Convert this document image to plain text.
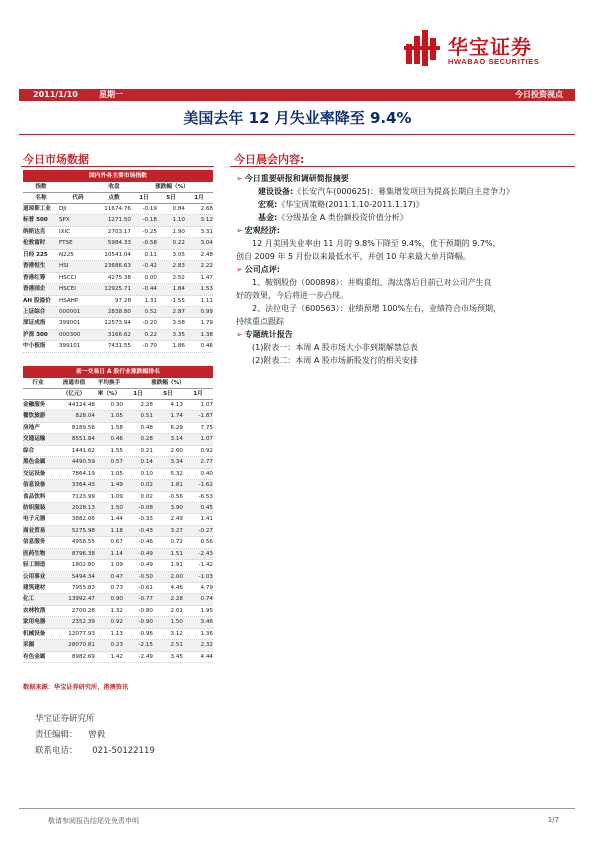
华宝证券
HWABAO SECURITIES
2011/1/10	星期一	今日投资视点
美国去年 12 月失业率降至 9.4%
今日市场数据	今日晨会内容:
国内外各主要市场指数
指数	收盘	涨跌幅（%）
名称	代码	点数	1日	5日	1月
道琼斯工业	DJI	11674.76	-0.19	0.84	2.68
标普 500	SPX	1271.50	-0.18	1.10	3.12
纳斯达克	IXIC	2703.17	-0.25	1.90	3.31
伦敦富时	FTSE	5984.33	-0.58	0.22	3.04
日经 225	N225	10541.04	0.11	3.05	2.48
香港恒生	HSI	23686.63	-0.42	2.83	2.22
香港红筹	HSCCI	4275.38	0.00	2.52	1.47
香港国企	HSCEI	12925.71	-0.44	1.84	1.53
AH 股溢价	HSAHP	97.28	1.31	-1.55	1.11
上证综合	000001	2838.80	0.52	2.87	0.99
深证成指	399001	12573.94	-0.20	3.58	1.79
沪深 300	000300	3166.62	0.22	3.35	1.38
中小板指	399101	7431.55	-0.70	1.86	0.46
前一交易日 A 股行业涨跌幅排名
行业	流通市值	平均换手	涨跌幅（%）
（亿元）	率（%）	1日	5日	1月
金融服务	44124.48	0.30	2.28	4.13	1.07
餐饮旅游	828.04	1.05	0.51	1.74	-1.87
房地产	8189.56	1.58	0.48	6.29	7.75
交通运输	8551.84	0.46	0.28	3.14	1.07
综合	1441.62	1.55	0.21	2.60	0.92
黑色金属	4490.59	0.57	0.14	3.34	2.77
交运设备	7864.19	1.05	0.10	5.32	0.40
信息设备	3364.43	1.49	0.02	1.81	-1.62
食品饮料	7123.99	1.09	0.02	-0.56	-6.53
纺织服装	2028.13	1.50	-0.08	3.90	0.45
电子元器	3882.06	1.44	-0.33	2.49	1.41
商业贸易	5275.98	1.18	-0.43	3.27	-0.27
信息服务	4958.55	0.67	-0.46	0.72	0.56
医药生物	8796.38	1.14	-0.49	1.51	-2.43
轻工制造	1802.80	1.09	-0.49	1.91	-1.42
公用事业	5494.34	0.47	-0.50	2.00	-1.03
建筑建材	7955.83	0.73	-0.61	4.46	4.79
化工	13992.47	0.90	-0.77	2.28	0.74
农林牧渔	2700.28	1.32	-0.80	2.01	1.95
家用电器	2352.39	0.92	-0.90	1.50	3.46
机械设备	12077.93	1.13	-0.96	3.12	1.36
采掘	28070.81	0.23	-2.15	2.51	2.32
有色金属	8982.69	1.42	-2.49	3.45	4.44
数据来源：华宝证券研究所，港澳资讯
➢ 今日重要研报和调研简报摘要
建设设备:《长安汽车(000625)：募集增发项目为提高长期自主竞争力》
宏观:《华宝周策略(2011.1.10-2011.1.17)》
基金:《分级基金 A 类份额投资价值分析》
➢ 宏观经济:
12 月美国失业率由 11 月的 9.8%下降至 9.4%，优于预期的 9.7%，
创自 2009 年 5 月份以来最低水平，并创 10 年来最大单月降幅。
➢ 公司点评:
1、鞍钢股份（000898）：并购重组、淘汰落后目前已对公司产生良
好的效果，今后将进一步凸现。
2、法拉电子（600563）：业绩预增 100%左右，业绩符合市场预期，
持续重点跟踪
➢ 专题统计报告
(1)附表一：本周 A 股市场大小非到期解禁总表
(2)附表二：本周 A 股市场新股发行的相关安排
华宝证券研究所
责任编辑： 曾毅
联系电话： 021-50122119
敬请参阅报告结尾处免责申明	1/7
